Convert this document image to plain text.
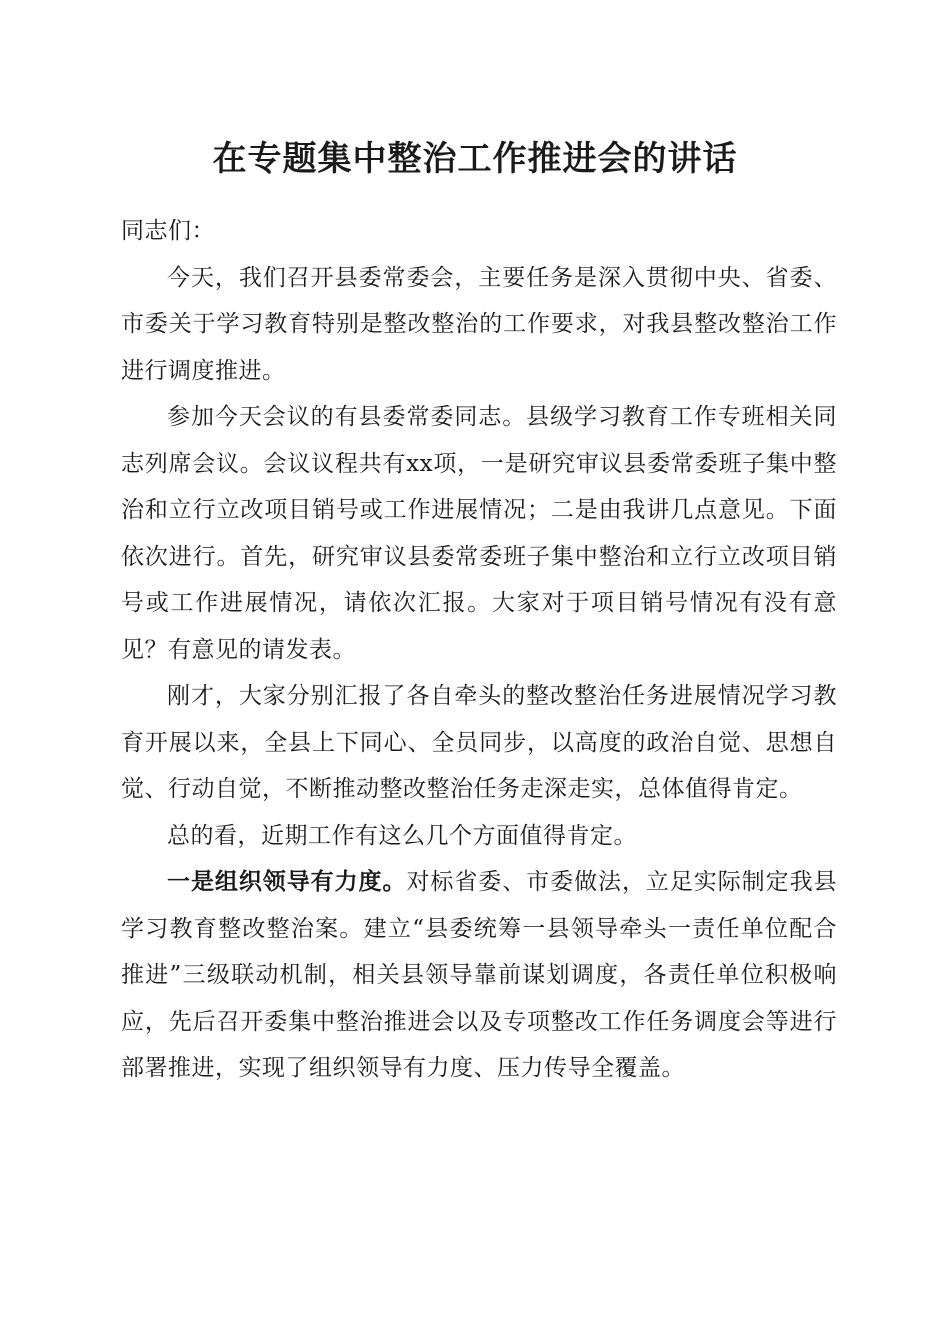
在专题集中整治工作推进会的讲话

同志们：

今天，我们召开县委常委会，主要任务是深入贯彻中央、省委、市委关于学习教育特别是整改整治的工作要求，对我县整改整治工作进行调度推进。

参加今天会议的有县委常委同志。县级学习教育工作专班相关同志列席会议。会议议程共有xx项，一是研究审议县委常委班子集中整治和立行立改项目销号或工作进展情况；二是由我讲几点意见。下面依次进行。首先，研究审议县委常委班子集中整治和立行立改项目销号或工作进展情况，请依次汇报。大家对于项目销号情况有没有意见？有意见的请发表。

刚才，大家分别汇报了各自牵头的整改整治任务进展情况学习教育开展以来，全县上下同心、全员同步，以高度的政治自觉、思想自觉、行动自觉，不断推动整改整治任务走深走实，总体值得肯定。

总的看，近期工作有这么几个方面值得肯定。

一是组织领导有力度。对标省委、市委做法，立足实际制定我县学习教育整改整治案。建立“县委统筹一县领导牵头一责任单位配合推进”三级联动机制，相关县领导靠前谋划调度，各责任单位积极响应，先后召开委集中整治推进会以及专项整改工作任务调度会等进行部署推进，实现了组织领导有力度、压力传导全覆盖。
